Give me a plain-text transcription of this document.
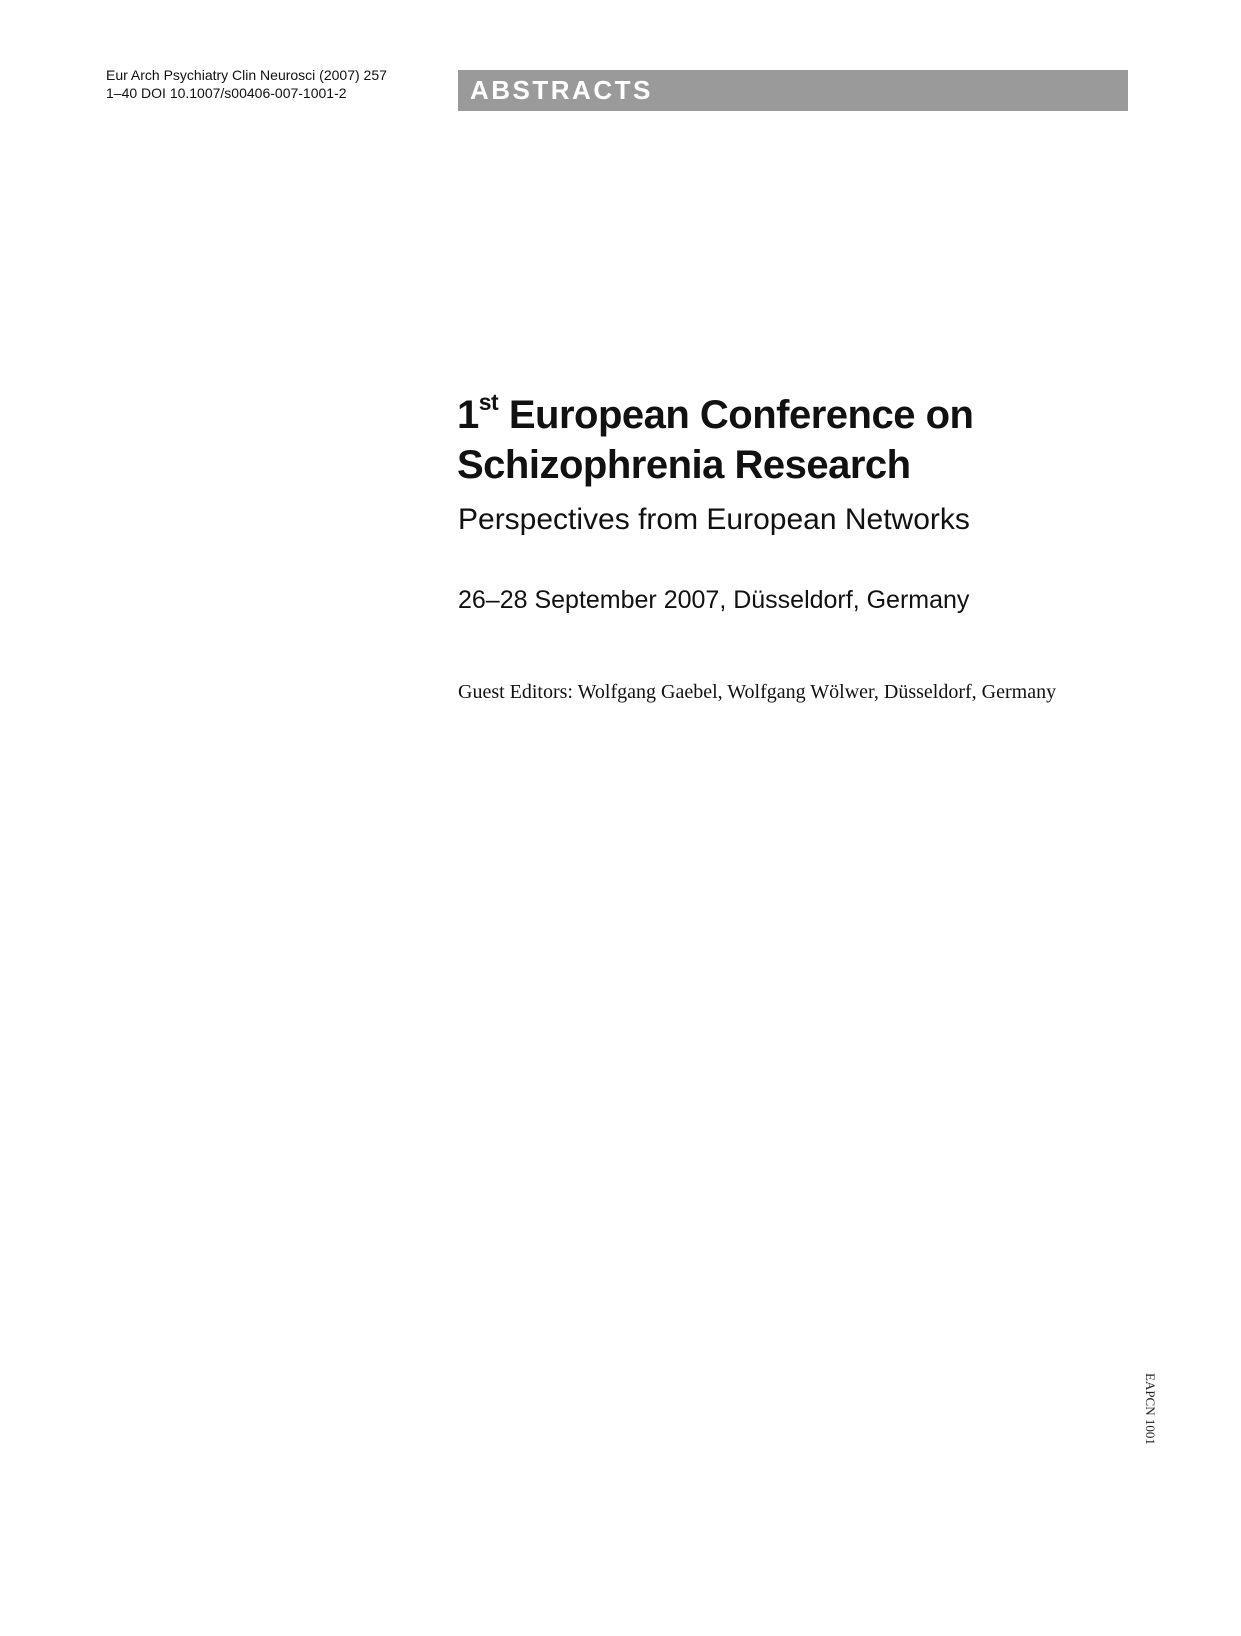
Eur Arch Psychiatry Clin Neurosci (2007) 257
1–40 DOI 10.1007/s00406-007-1001-2	ABSTRACTS
1st European Conference on
Schizophrenia Research
Perspectives from European Networks
26–28 September 2007, Düsseldorf, Germany
Guest Editors: Wolfgang Gaebel, Wolfgang Wölwer, Düsseldorf, Germany
EAPCN 1001
